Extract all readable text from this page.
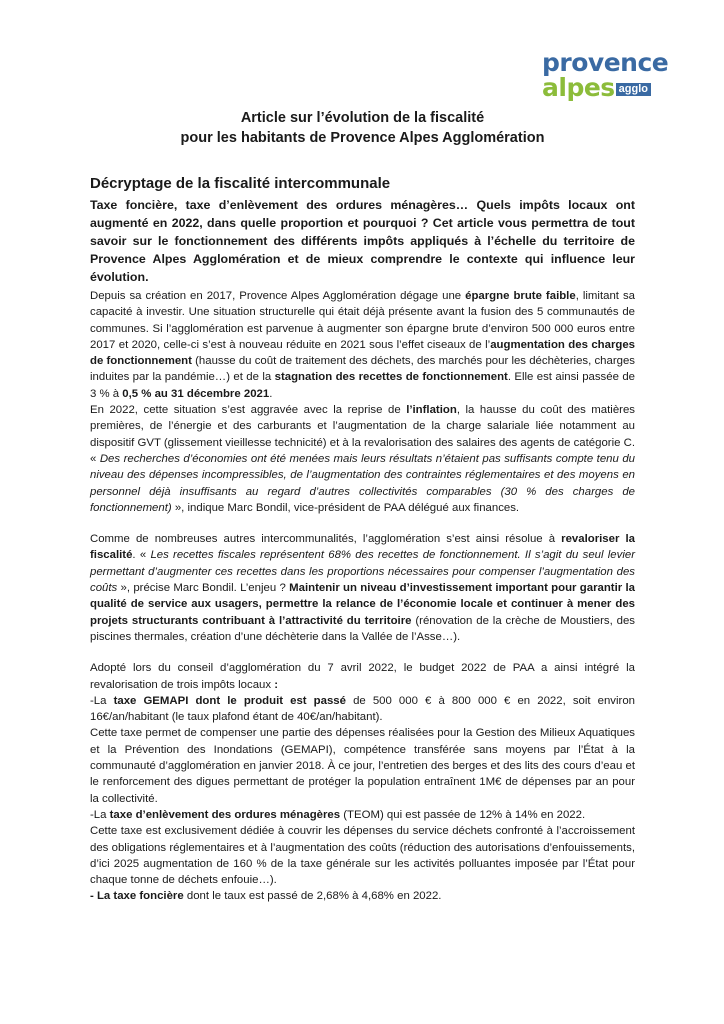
provence
alpes agglo
Article sur l’évolution de la fiscalité
pour les habitants de Provence Alpes Agglomération
Décryptage de la fiscalité intercommunale

Taxe foncière, taxe d’enlèvement des ordures ménagères… Quels impôts locaux ont augmenté en 2022, dans quelle proportion et pourquoi ? Cet article vous permettra de tout savoir sur le fonctionnement des différents impôts appliqués à l’échelle du territoire de Provence Alpes Agglomération et de mieux comprendre le contexte qui influence leur évolution.

Depuis sa création en 2017, Provence Alpes Agglomération dégage une épargne brute faible, limitant sa capacité à investir. Une situation structurelle qui était déjà présente avant la fusion des 5 communautés de communes. Si l’agglomération est parvenue à augmenter son épargne brute d’environ 500 000 euros entre 2017 et 2020, celle-ci s’est à nouveau réduite en 2021 sous l’effet ciseaux de l’augmentation des charges de fonctionnement (hausse du coût de traitement des déchets, des marchés pour les déchèteries, charges induites par la pandémie…) et de la stagnation des recettes de fonctionnement. Elle est ainsi passée de 3 % à 0,5 % au 31 décembre 2021.

En 2022, cette situation s’est aggravée avec la reprise de l’inflation, la hausse du coût des matières premières, de l’énergie et des carburants et l’augmentation de la charge salariale liée notamment au dispositif GVT (glissement vieillesse technicité) et à la revalorisation des salaires des agents de catégorie C. « Des recherches d’économies ont été menées mais leurs résultats n’étaient pas suffisants compte tenu du niveau des dépenses incompressibles, de l’augmentation des contraintes réglementaires et des moyens en personnel déjà insuffisants au regard d’autres collectivités comparables (30 % des charges de fonctionnement) », indique Marc Bondil, vice-président de PAA délégué aux finances.

Comme de nombreuses autres intercommunalités, l’agglomération s’est ainsi résolue à revaloriser la fiscalité. « Les recettes fiscales représentent 68% des recettes de fonctionnement. Il s’agit du seul levier permettant d’augmenter ces recettes dans les proportions nécessaires pour compenser l’augmentation des coûts », précise Marc Bondil. L’enjeu ? Maintenir un niveau d’investissement important pour garantir la qualité de service aux usagers, permettre la relance de l’économie locale et continuer à mener des projets structurants contribuant à l’attractivité du territoire (rénovation de la crèche de Moustiers, des piscines thermales, création d’une déchèterie dans la Vallée de l’Asse…).

Adopté lors du conseil d’agglomération du 7 avril 2022, le budget 2022 de PAA a ainsi intégré la revalorisation de trois impôts locaux :

-La taxe GEMAPI dont le produit est passé de 500 000 € à 800 000 € en 2022, soit environ 16€/an/habitant (le taux plafond étant de 40€/an/habitant).

Cette taxe permet de compenser une partie des dépenses réalisées pour la Gestion des Milieux Aquatiques et la Prévention des Inondations (GEMAPI), compétence transférée sans moyens par l’État à la communauté d’agglomération en janvier 2018. À ce jour, l’entretien des berges et des lits des cours d’eau et le renforcement des digues permettant de protéger la population entraînent 1M€ de dépenses par an pour la collectivité.

-La taxe d’enlèvement des ordures ménagères (TEOM) qui est passée de 12% à 14% en 2022.

Cette taxe est exclusivement dédiée à couvrir les dépenses du service déchets confronté à l’accroissement des obligations réglementaires et à l’augmentation des coûts (réduction des autorisations d’enfouissements, d’ici 2025 augmentation de 160 % de la taxe générale sur les activités polluantes imposée par l’État pour chaque tonne de déchets enfouie…).

- La taxe foncière dont le taux est passé de 2,68% à 4,68% en 2022.
